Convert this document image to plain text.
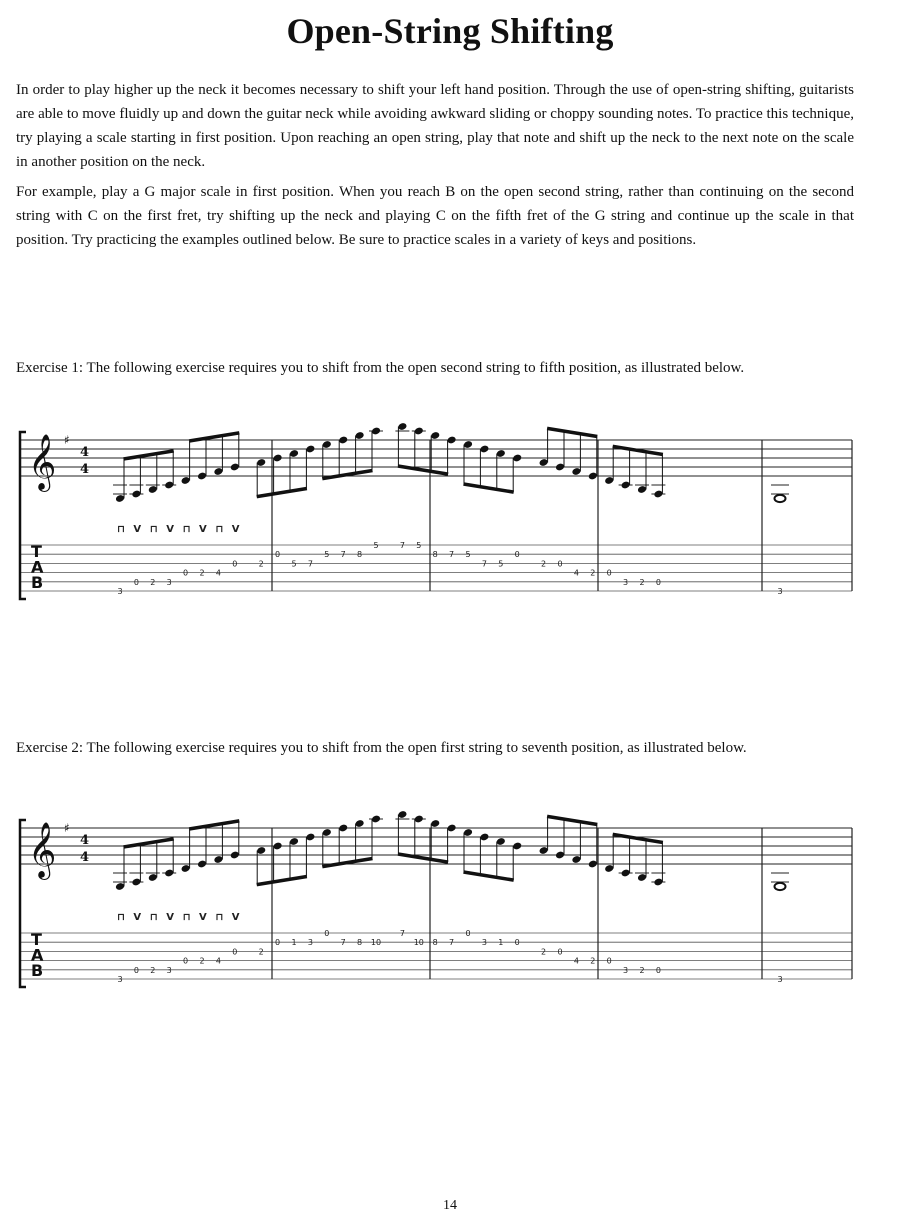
Open-String Shifting

In order to play higher up the neck it becomes necessary to shift your left hand position. Through the use of open-string shifting, guitarists are able to move fluidly up and down the guitar neck while avoiding awkward sliding or choppy sounding notes. To practice this technique, try playing a scale starting in first position. Upon reaching an open string, play that note and shift up the neck to the next note on the scale in another position on the neck.

For example, play a G major scale in first position. When you reach B on the open second string, rather than continuing on the second string with C on the first fret, try shifting up the neck and playing C on the fifth fret of the G string and continue up the scale in that position. Try practicing the examples outlined below. Be sure to practice scales in a variety of keys and positions.

Exercise 1: The following exercise requires you to shift from the open second string to fifth position, as illustrated below.

𝄞 ♯
4
4
T
A
B
⊓ V ⊓ V ⊓ V ⊓ V
3
0 2 3
0 2 4
0	2
0
5 7
5 7 8
5	7 5
8 7 5
7 5
0
2 0
4 2 0
3 2 0
3

Exercise 2: The following exercise requires you to shift from the open first string to seventh position, as illustrated below.

𝄞 ♯
4
4
T
A
B
⊓ V ⊓ V ⊓ V ⊓ V
3
0 2 3
0 2 4
0	2
0 1 3
0
7 8 10
7
10 8 7
0
3 1 0
2 0
4 2 0
3 2 0
3

14
